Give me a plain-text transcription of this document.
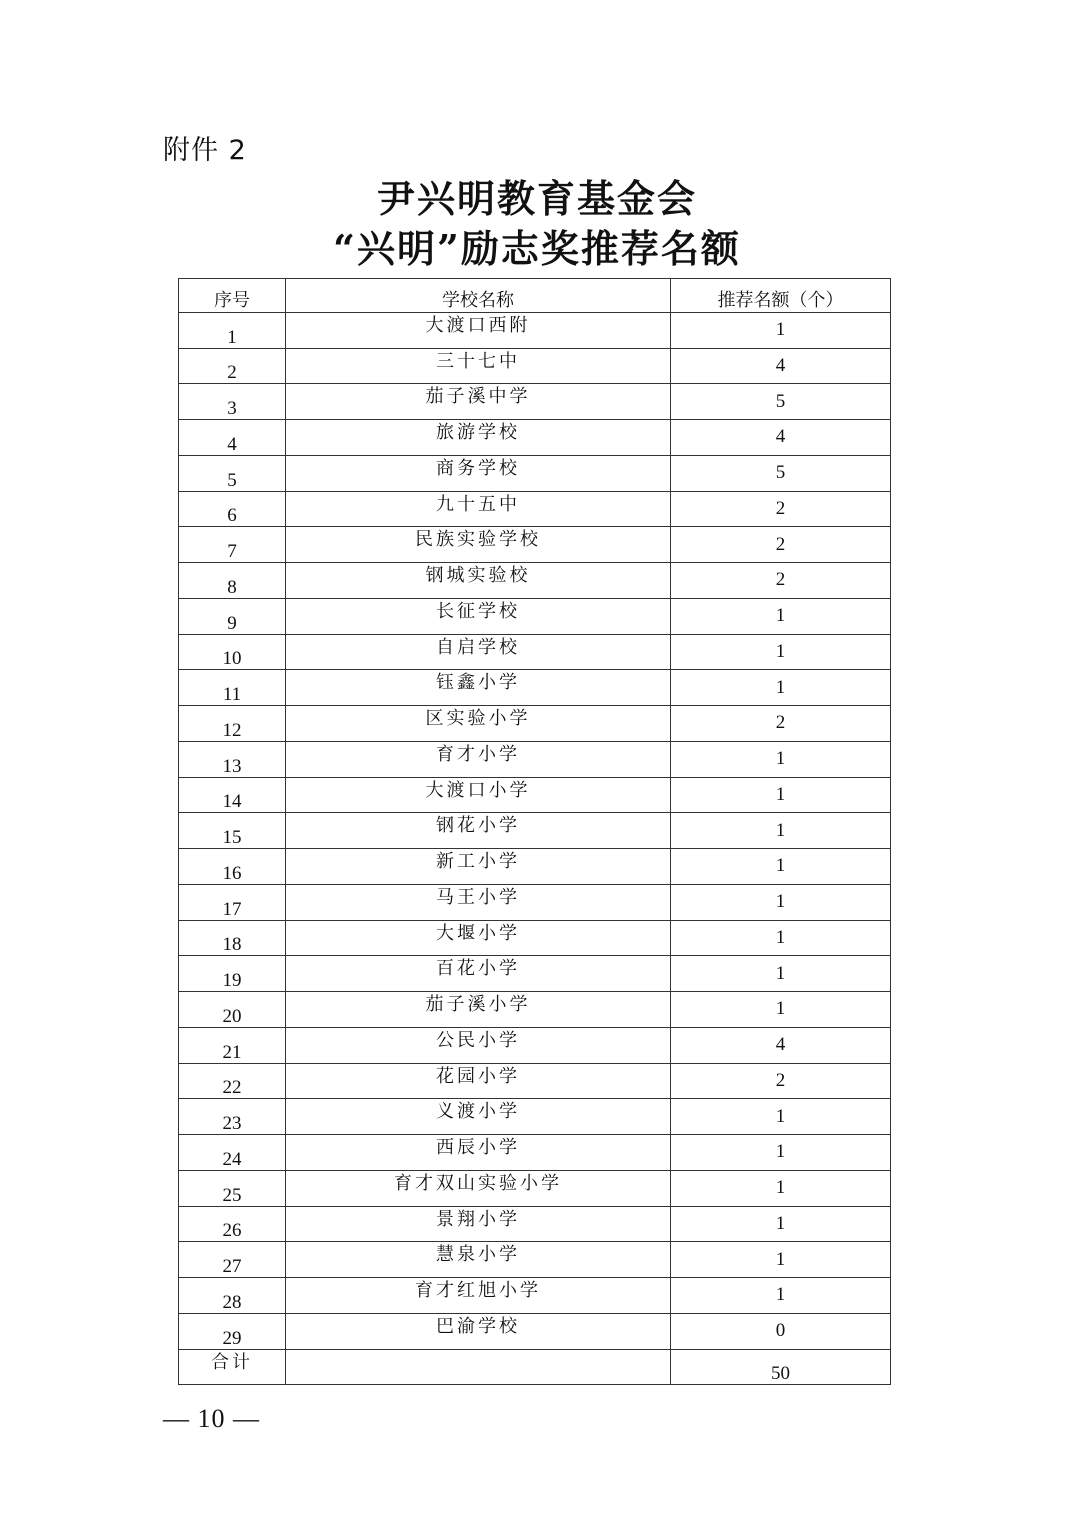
附件 2
尹兴明教育基金会
“兴明”励志奖推荐名额
序号	学校名称	推荐名额（个）
1	大渡口西附	1
2	三十七中	4
3	茄子溪中学	5
4	旅游学校	4
5	商务学校	5
6	九十五中	2
7	民族实验学校	2
8	钢城实验校	2
9	长征学校	1
10	自启学校	1
11	钰鑫小学	1
12	区实验小学	2
13	育才小学	1
14	大渡口小学	1
15	钢花小学	1
16	新工小学	1
17	马王小学	1
18	大堰小学	1
19	百花小学	1
20	茄子溪小学	1
21	公民小学	4
22	花园小学	2
23	义渡小学	1
24	西辰小学	1
25	育才双山实验小学	1
26	景翔小学	1
27	慧泉小学	1
28	育才红旭小学	1
29	巴渝学校	0
合计		50
— 10 —
